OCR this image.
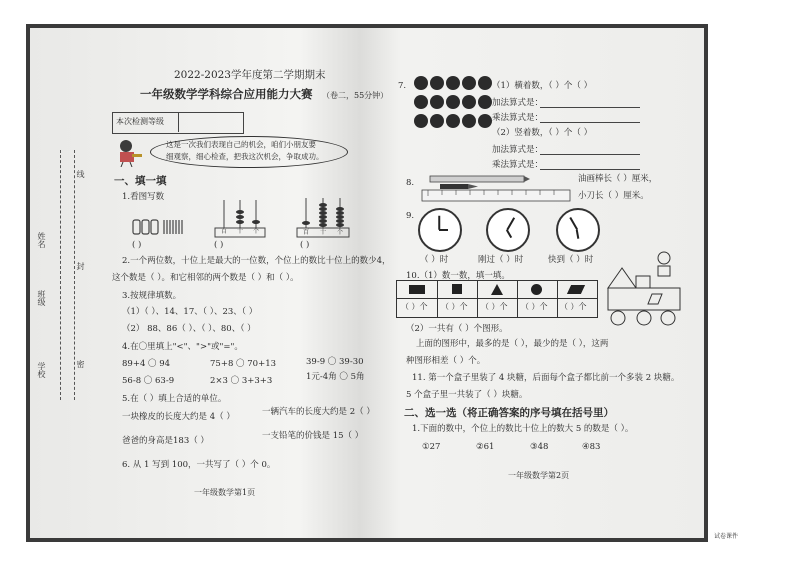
学校
班级
姓名
线
封
密
2022-2023学年度第二学期期末
一年级数学学科综合应用能力大赛 （卷二，55分钟）
本次检测等级
这是一次我们表现自己的机会，咱们小朋友要
细观察，细心检查，把我这次机会，争取成功。
一、填一填
1.看图写数
百 十 个	百 十 个
( )	( )	( )
2.一个两位数，十位上是最大的一位数，个位上的数比十位上的数少4，
这个数是（ ）。和它相邻的两个数是（ ）和（ ）。
3.按规律填数。
（1）（ ）、14、17、（ ）、23、（ ）
（2） 88、86（ ）、（ ）、80、（ ）
4.在〇里填上"<"、">"或"="。
89+4 〇 94	75+8 〇 70+13	39-9 〇 39-30
56-8 〇 63-9	2×3 〇 3+3+3	1元-4角 〇 5角
5.在（ ）填上合适的单位。
一块橡皮的长度大约是 4（ ）	一辆汽车的长度大约是 2（ ）
爸爸的身高是183（ ）	一支铅笔的价钱是 15（ ）
6. 从 1 写到 100，一共写了（ ）个 0。
一年级数学第1页
7.	（1）横着数，（ ）个（ ）
加法算式是：
乘法算式是：
（2）竖着数，（ ）个（ ）
加法算式是：
乘法算式是：
8.	油画棒长（ ）厘米，
小刀长（ ）厘米。
9.
（ ）时	刚过（ ）时	快到（ ）时
10.（1）数一数，填一填。
（ ）个 （ ）个 （ ）个 （ ）个 （ ）个
（2）一共有（ ）个图形。
上面的图形中，最多的是（ ），最少的是（ ），这两
种图形相差（ ）个。
11. 第一个盒子里装了 4 块糖，后面每个盒子都比前一个多装 2 块糖。
5 个盒子里一共装了（ ）块糖。
二、选一选（将正确答案的序号填在括号里）
1.下面的数中，个位上的数比十位上的数大 5 的数是（ ）。
①27	②61	③48	④83
一年级数学第2页
试卷课件
